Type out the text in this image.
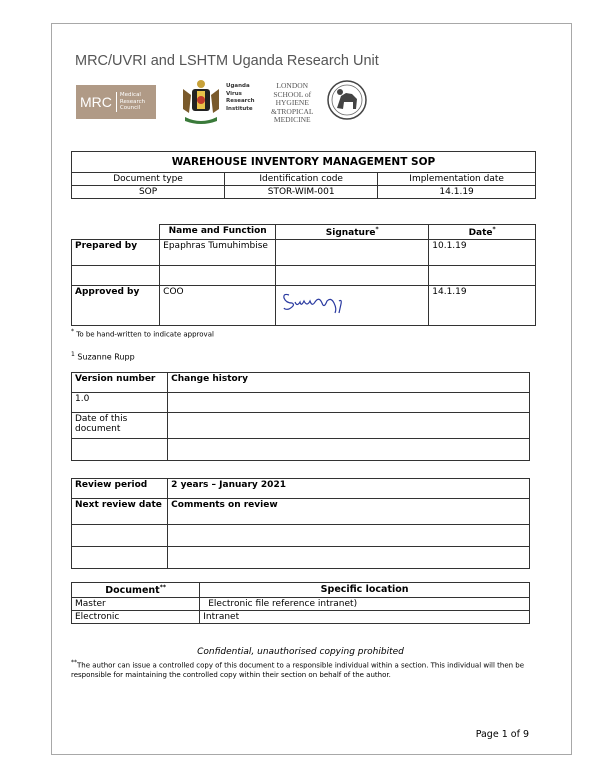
MRC/UVRI and LSHTM Uganda Research Unit
MRC	Medical
Research
Council
Uganda
Virus
Research
Institute
LONDON
SCHOOL of
HYGIENE
&TROPICAL
MEDICINE
WAREHOUSE INVENTORY MANAGEMENT SOP		
Document type	Identification code	Implementation date
SOP	STOR-WIM-001	14.1.19
	Name and Function	Signature*	Date*
Prepared by	Epaphras Tumuhimbise		10.1.19

Approved by	COO		14.1.19
* To be hand-written to indicate approval
$^1$ Suzanne Rupp
Version number	Change history
1.0	
Date of this document	

Review period	2 years – January 2021
Next review date	Comments on review

Document**	Specific location
Master	Electronic file reference intranet)
Electronic	Intranet
Confidential, unauthorised copying prohibited
**The author can issue a controlled copy of this document to a responsible individual within a section. This individual will then be responsible for maintaining the controlled copy within their section on behalf of the author.
Page 1 of 9
